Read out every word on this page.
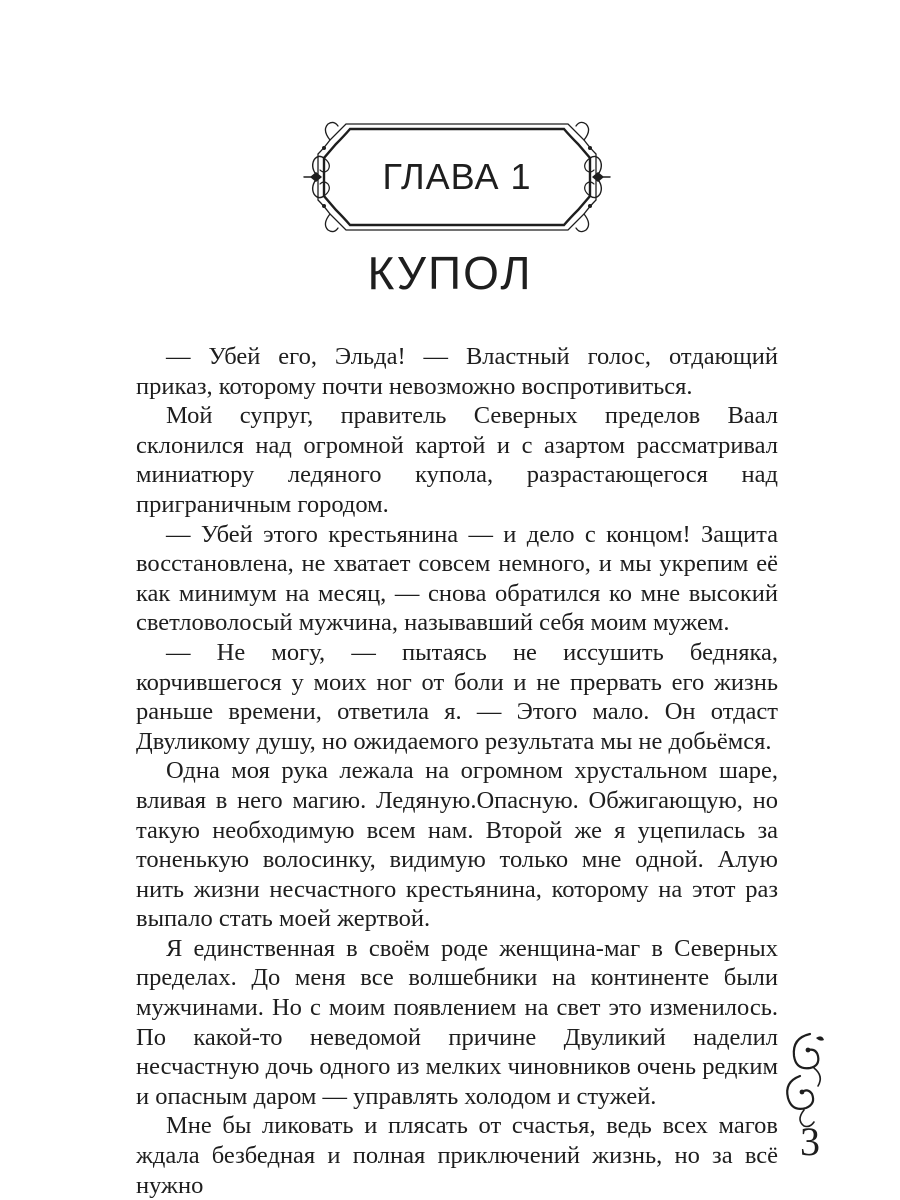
ГЛАВА 1
КУПОЛ

— Убей его, Эльда! — Властный голос, отдающий приказ, которому почти невозможно воспротивиться.

Мой супруг, правитель Северных пределов Ваал склонился над огромной картой и с азартом рассматривал миниатюру ледяного купола, разрастающегося над приграничным городом.

— Убей этого крестьянина — и дело с концом! Защита восстановлена, не хватает совсем немного, и мы укрепим её как минимум на месяц, — снова обратился ко мне высокий светловолосый мужчина, называвший себя моим мужем.

— Не могу, — пытаясь не иссушить бедняка, корчившегося у моих ног от боли и не прервать его жизнь раньше времени, ответила я. — Этого мало. Он отдаст Двуликому душу, но ожидаемого результата мы не добьёмся.

Одна моя рука лежала на огромном хрустальном шаре, вливая в него магию. Ледяную.Опасную. Обжигающую, но такую необходимую всем нам. Второй же я уцепилась за тоненькую волосинку, видимую только мне одной. Алую нить жизни несчастного крестьянина, которому на этот раз выпало стать моей жертвой.

Я единственная в своём роде женщина-маг в Северных пределах. До меня все волшебники на континенте были мужчинами. Но с моим появлением на свет это изменилось. По какой-то неведомой причине Двуликий наделил несчастную дочь одного из мелких чиновников очень редким и опасным даром — управлять холодом и стужей.

Мне бы ликовать и плясать от счастья, ведь всех магов ждала безбедная и полная приключений жизнь, но за всё нужно

3
